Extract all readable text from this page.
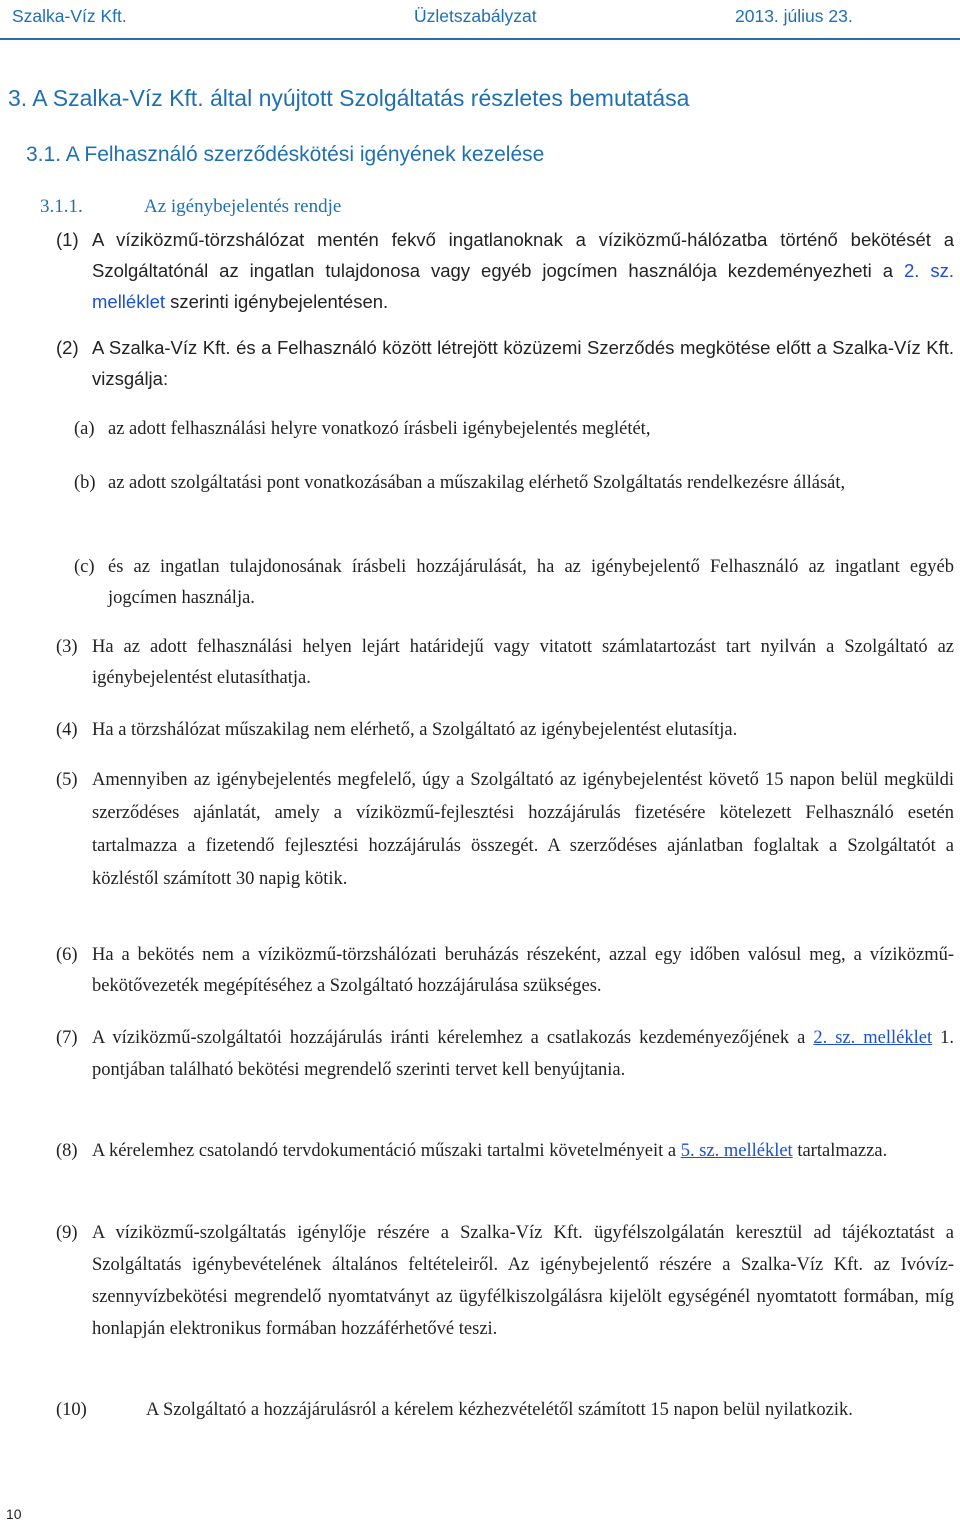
Szalka-Víz Kft.	Üzletszabályzat	2013. július 23.
3. A Szalka-Víz Kft. által nyújtott Szolgáltatás részletes bemutatása
3.1. A Felhasználó szerződéskötési igényének kezelése
3.1.1.	Az igénybejelentés rendje
(1) A víziközmű-törzshálózat mentén fekvő ingatlanoknak a víziközmű-hálózatba történő bekötését a Szolgáltatónál az ingatlan tulajdonosa vagy egyéb jogcímen használója kezdeményezheti a 2. sz. melléklet szerinti igénybejelentésen.
(2) A Szalka-Víz Kft. és a Felhasználó között létrejött közüzemi Szerződés megkötése előtt a Szalka-Víz Kft. vizsgálja:
(a) az adott felhasználási helyre vonatkozó írásbeli igénybejelentés meglétét,
(b) az adott szolgáltatási pont vonatkozásában a műszakilag elérhető Szolgáltatás rendelkezésre állását,
(c) és az ingatlan tulajdonosának írásbeli hozzájárulását, ha az igénybejelentő Felhasználó az ingatlant egyéb jogcímen használja.
(3) Ha az adott felhasználási helyen lejárt határidejű vagy vitatott számlatartozást tart nyilván a Szolgáltató az igénybejelentést elutasíthatja.
(4) Ha a törzshálózat műszakilag nem elérhető, a Szolgáltató az igénybejelentést elutasítja.
(5) Amennyiben az igénybejelentés megfelelő, úgy a Szolgáltató az igénybejelentést követő 15 napon belül megküldi szerződéses ajánlatát, amely a víziközmű-fejlesztési hozzájárulás fizetésére kötelezett Felhasználó esetén tartalmazza a fizetendő fejlesztési hozzájárulás összegét. A szerződéses ajánlatban foglaltak a Szolgáltatót a közléstől számított 30 napig kötik.
(6) Ha a bekötés nem a víziközmű-törzshálózati beruházás részeként, azzal egy időben valósul meg, a víziközmű-bekötővezeték megépítéséhez a Szolgáltató hozzájárulása szükséges.
(7) A víziközmű-szolgáltatói hozzájárulás iránti kérelemhez a csatlakozás kezdeményezőjének a 2. sz. melléklet 1. pontjában található bekötési megrendelő szerinti tervet kell benyújtania.
(8) A kérelemhez csatolandó tervdokumentáció műszaki tartalmi követelményeit a 5. sz. melléklet tartalmazza.
(9) A víziközmű-szolgáltatás igénylője részére a Szalka-Víz Kft. ügyfélszolgálatán keresztül ad tájékoztatást a Szolgáltatás igénybevételének általános feltételeiről. Az igénybejelentő részére a Szalka-Víz Kft. az Ivóvíz-szennyvízbekötési megrendelő nyomtatványt az ügyfélkiszolgálásra kijelölt egységénél nyomtatott formában, míg honlapján elektronikus formában hozzáférhetővé teszi.
(10)	A Szolgáltató a hozzájárulásról a kérelem kézhezvételétől számított 15 napon belül nyilatkozik.
10
